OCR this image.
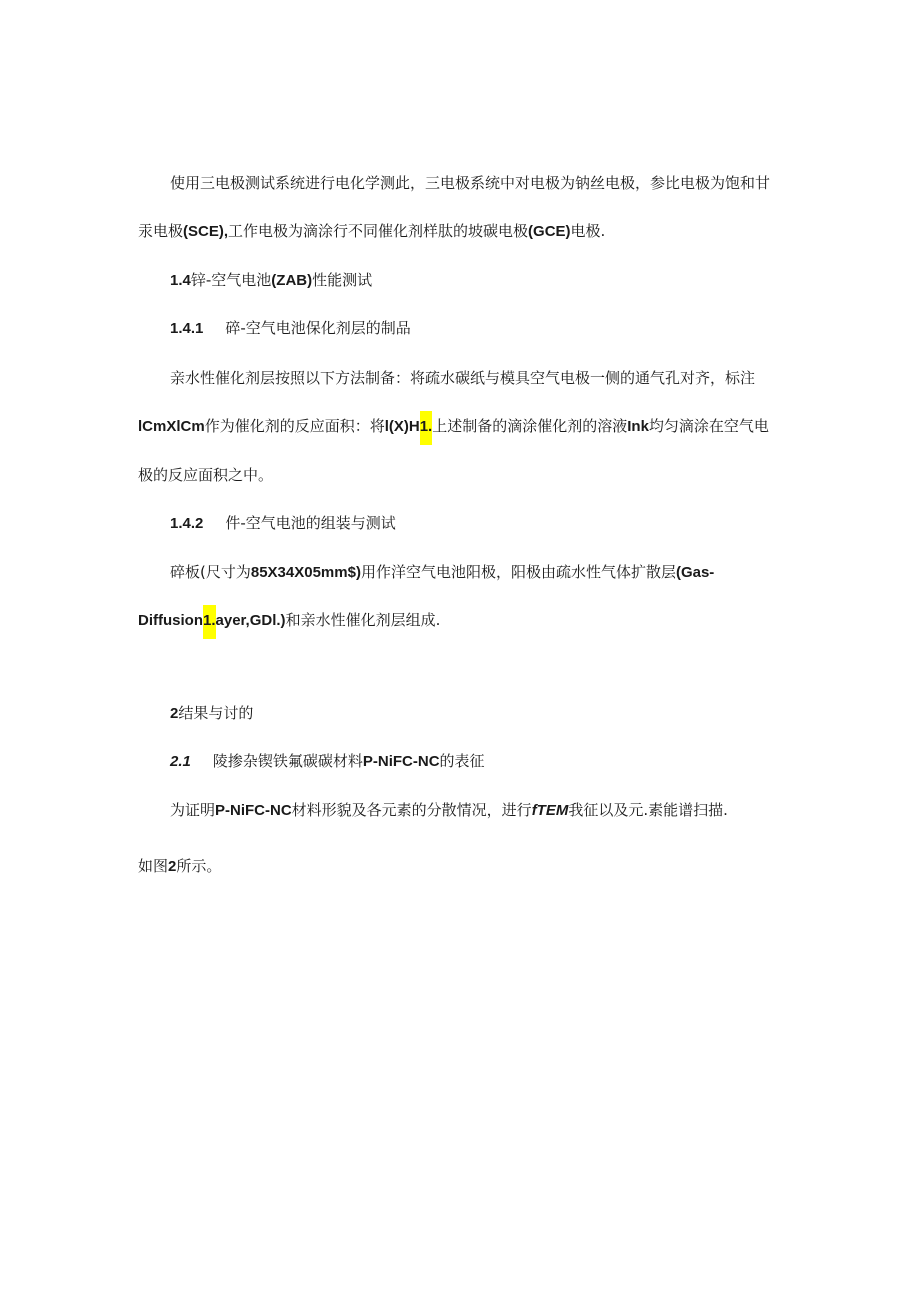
使用三电极测试系统进行电化学测此，三电极系统中对电极为钠丝电极，参比电极为饱和甘
汞电极(SCE),工作电极为滴涂行不同催化剂样肽的坡碳电极(GCE)电极.
1.4锌-空气电池(ZAB)性能测试
1.4.1 碎-空气电池保化剂层的制品
亲水性催化剂层按照以下方法制备：将疏水碳纸与模具空气电极一侧的通气孔对齐，标注
lCmXlCm作为催化剂的反应面积：将l(X)H1.上述制备的滴涂催化剂的溶液Ink均匀滴涂在空气电
极的反应面积之中。
1.4.2 件-空气电池的组装与测试
碎板(尺寸为85X34X05mm$)用作洋空气电池阳极，阳极由疏水性气体扩散层(Gas-
Diffusion1.ayer,GDl.)和亲水性催化剂层组成.
2结果与讨的
2.1 陵掺杂锲铁氟碳碳材料P-NiFC-NC的表征
为证明P-NiFC-NC材料形貌及各元素的分散情况，进行fTEM我征以及元.素能谱扫描.
如图2所示。
